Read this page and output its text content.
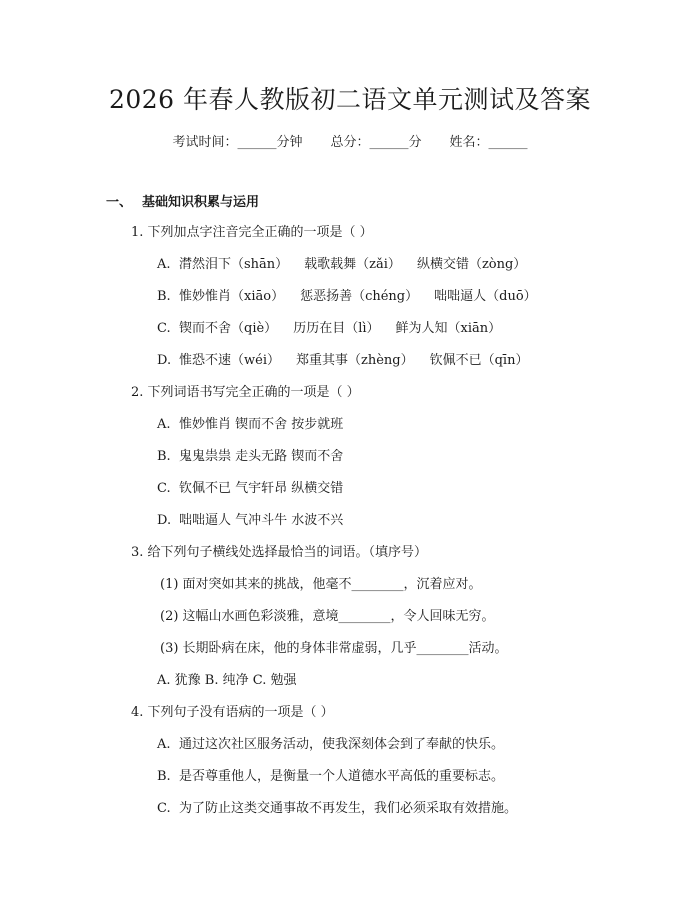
2026 年春人教版初二语文单元测试及答案
考试时间：______分钟 总分：______分 姓名：______
一、 基础知识积累与运用
1. 下列加点字注音完全正确的一项是（ ）
A. 潸然泪下（shān） 载歌载舞（zǎi） 纵横交错（zòng）
B. 惟妙惟肖（xiāo） 惩恶扬善（chéng） 咄咄逼人（duō）
C. 锲而不舍（qiè） 历历在目（lì） 鲜为人知（xiān）
D. 惟恐不速（wéi） 郑重其事（zhèng） 钦佩不已（qīn）
2. 下列词语书写完全正确的一项是（ ）
A. 惟妙惟肖 锲而不舍 按步就班
B. 鬼鬼祟祟 走头无路 锲而不舍
C. 钦佩不已 气宇轩昂 纵横交错
D. 咄咄逼人 气冲斗牛 水波不兴
3. 给下列句子横线处选择最恰当的词语。（填序号）
(1) 面对突如其来的挑战，他毫不________，沉着应对。
(2) 这幅山水画色彩淡雅，意境________，令人回味无穷。
(3) 长期卧病在床，他的身体非常虚弱，几乎________活动。
A. 犹豫 B. 纯净 C. 勉强
4. 下列句子没有语病的一项是（ ）
A. 通过这次社区服务活动，使我深刻体会到了奉献的快乐。
B. 是否尊重他人，是衡量一个人道德水平高低的重要标志。
C. 为了防止这类交通事故不再发生，我们必须采取有效措施。
